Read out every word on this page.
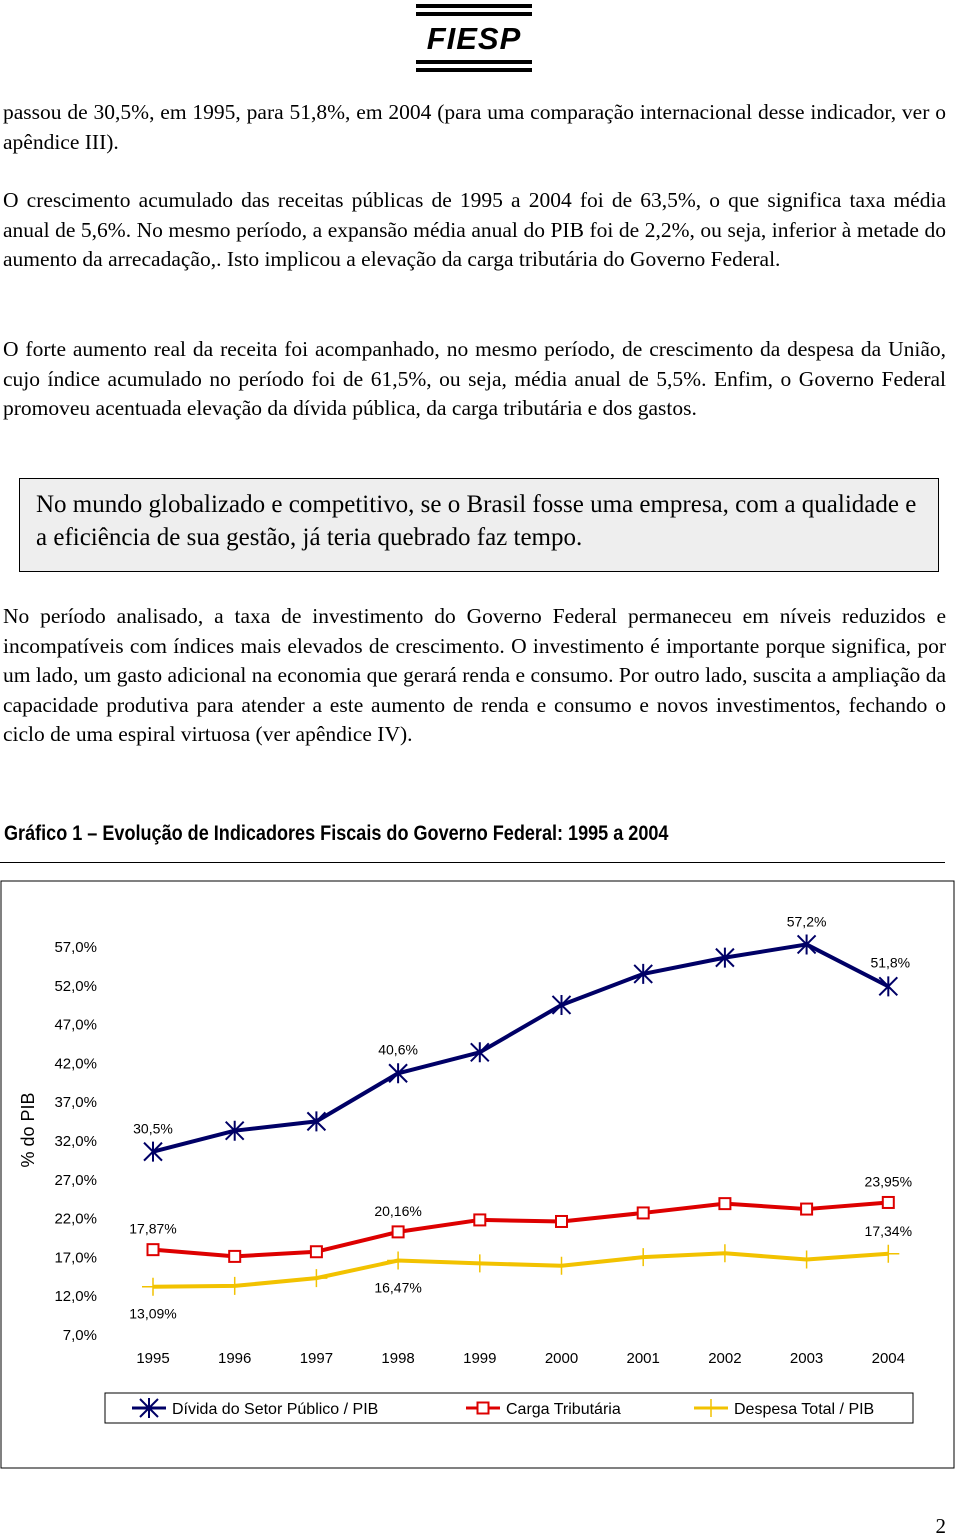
FIESP

passou de 30,5%, em 1995, para 51,8%, em 2004 (para uma comparação internacional desse indicador, ver o apêndice III).

O crescimento acumulado das receitas públicas de 1995 a 2004 foi de 63,5%, o que significa taxa média anual de 5,6%. No mesmo período, a expansão média anual do PIB foi de 2,2%, ou seja, inferior à metade do aumento da arrecadação,. Isto implicou a elevação da carga tributária do Governo Federal.

O forte aumento real da receita foi acompanhado, no mesmo período, de crescimento da despesa da União, cujo índice acumulado no período foi de 61,5%, ou seja, média anual de 5,5%. Enfim, o Governo Federal promoveu acentuada elevação da dívida pública, da carga tributária e dos gastos.

No mundo globalizado e competitivo, se o Brasil fosse uma empresa, com a qualidade e a eficiência de sua gestão, já teria quebrado faz tempo.

No período analisado, a taxa de investimento do Governo Federal permaneceu em níveis reduzidos e incompatíveis com índices mais elevados de crescimento. O investimento é importante porque significa, por um lado, um gasto adicional na economia que gerará renda e consumo. Por outro lado, suscita a ampliação da capacidade produtiva para atender a este aumento de renda e consumo e novos investimentos, fechando o ciclo de uma espiral virtuosa (ver apêndice IV).

Gráfico 1 – Evolução de Indicadores Fiscais do Governo Federal: 1995 a 2004
% do PIB
57,0%
52,0%
47,0%
42,0%
37,0%
32,0%
27,0%
22,0%
17,0%
12,0%
7,0%
1995	1996	1997	1998	1999	2000	2001	2002	2003	2004
30,5%
40,6%
57,2%
51,8%
17,87%
20,16%
23,95%
13,09%
16,47%
17,34%
Dívida do Setor Público / PIB	Carga Tributária	Despesa Total / PIB
2
